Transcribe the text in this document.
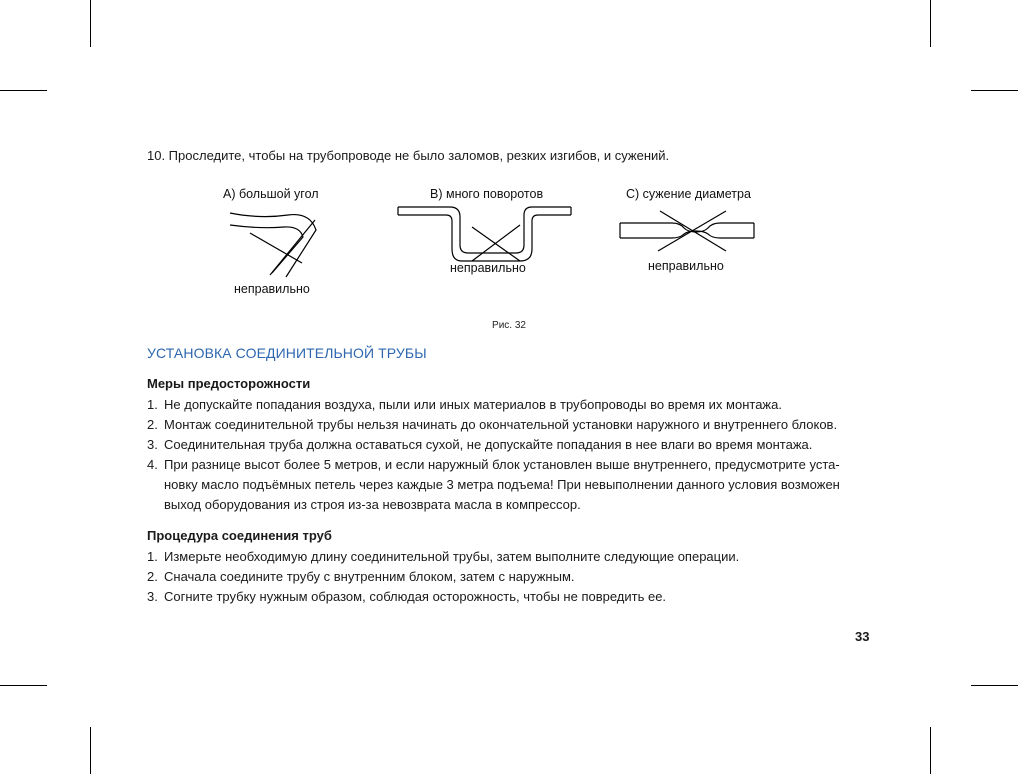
10. Проследите, чтобы на трубопроводе не было заломов, резких изгибов, и сужений.
А) большой угол
неправильно
В) много поворотов
неправильно
С) сужение диаметра
неправильно
Рис. 32
УСТАНОВКА СОЕДИНИТЕЛЬНОЙ ТРУБЫ
Меры предосторожности
1. Не допускайте попадания воздуха, пыли или иных материалов в трубопроводы во время их монтажа.
2. Монтаж соединительной трубы нельзя начинать до окончательной установки наружного и внутреннего блоков.
3. Соединительная труба должна оставаться сухой, не допускайте попадания в нее влаги во время монтажа.
4. При разнице высот более 5 метров, и если наружный блок установлен выше внутреннего, предусмотрите уста-
новку масло подъёмных петель через каждые 3 метра подъема! При невыполнении данного условия возможен
выход оборудования из строя из-за невозврата масла в компрессор.
Процедура соединения труб
1. Измерьте необходимую длину соединительной трубы, затем выполните следующие операции.
2. Сначала соедините трубу с внутренним блоком, затем с наружным.
3. Согните трубку нужным образом, соблюдая осторожность, чтобы не повредить ее.
33
